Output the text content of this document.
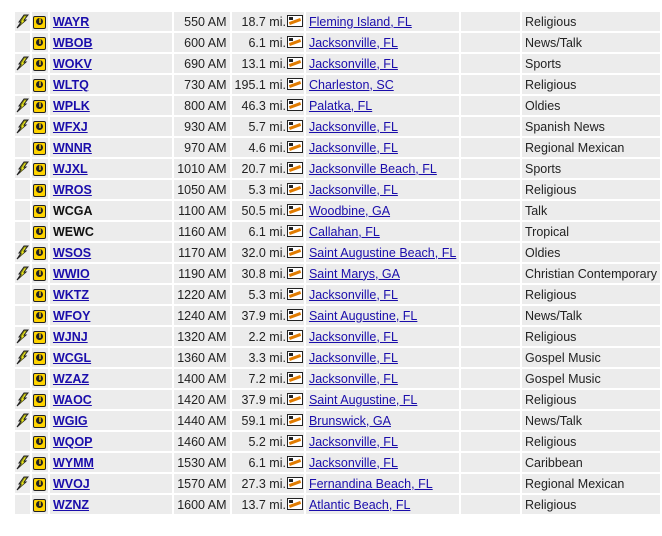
	i	WAYR	550 AM	18.7 mi.	Fleming Island, FL		Religious
	i	WBOB	600 AM	6.1 mi.	Jacksonville, FL		News/Talk
	i	WOKV	690 AM	13.1 mi.	Jacksonville, FL		Sports
	i	WLTQ	730 AM	195.1 mi.	Charleston, SC		Religious
	i	WPLK	800 AM	46.3 mi.	Palatka, FL		Oldies
	i	WFXJ	930 AM	5.7 mi.	Jacksonville, FL		Spanish News
	i	WNNR	970 AM	4.6 mi.	Jacksonville, FL		Regional Mexican
	i	WJXL	1010 AM	20.7 mi.	Jacksonville Beach, FL		Sports
	i	WROS	1050 AM	5.3 mi.	Jacksonville, FL		Religious
	i	WCGA	1100 AM	50.5 mi.	Woodbine, GA		Talk
	i	WEWC	1160 AM	6.1 mi.	Callahan, FL		Tropical
	i	WSOS	1170 AM	32.0 mi.	Saint Augustine Beach, FL		Oldies
	i	WWIO	1190 AM	30.8 mi.	Saint Marys, GA		Christian Contemporary
	i	WKTZ	1220 AM	5.3 mi.	Jacksonville, FL		Religious
	i	WFOY	1240 AM	37.9 mi.	Saint Augustine, FL		News/Talk
	i	WJNJ	1320 AM	2.2 mi.	Jacksonville, FL		Religious
	i	WCGL	1360 AM	3.3 mi.	Jacksonville, FL		Gospel Music
	i	WZAZ	1400 AM	7.2 mi.	Jacksonville, FL		Gospel Music
	i	WAOC	1420 AM	37.9 mi.	Saint Augustine, FL		Religious
	i	WGIG	1440 AM	59.1 mi.	Brunswick, GA		News/Talk
	i	WQOP	1460 AM	5.2 mi.	Jacksonville, FL		Religious
	i	WYMM	1530 AM	6.1 mi.	Jacksonville, FL		Caribbean
	i	WVOJ	1570 AM	27.3 mi.	Fernandina Beach, FL		Regional Mexican
	i	WZNZ	1600 AM	13.7 mi.	Atlantic Beach, FL		Religious
